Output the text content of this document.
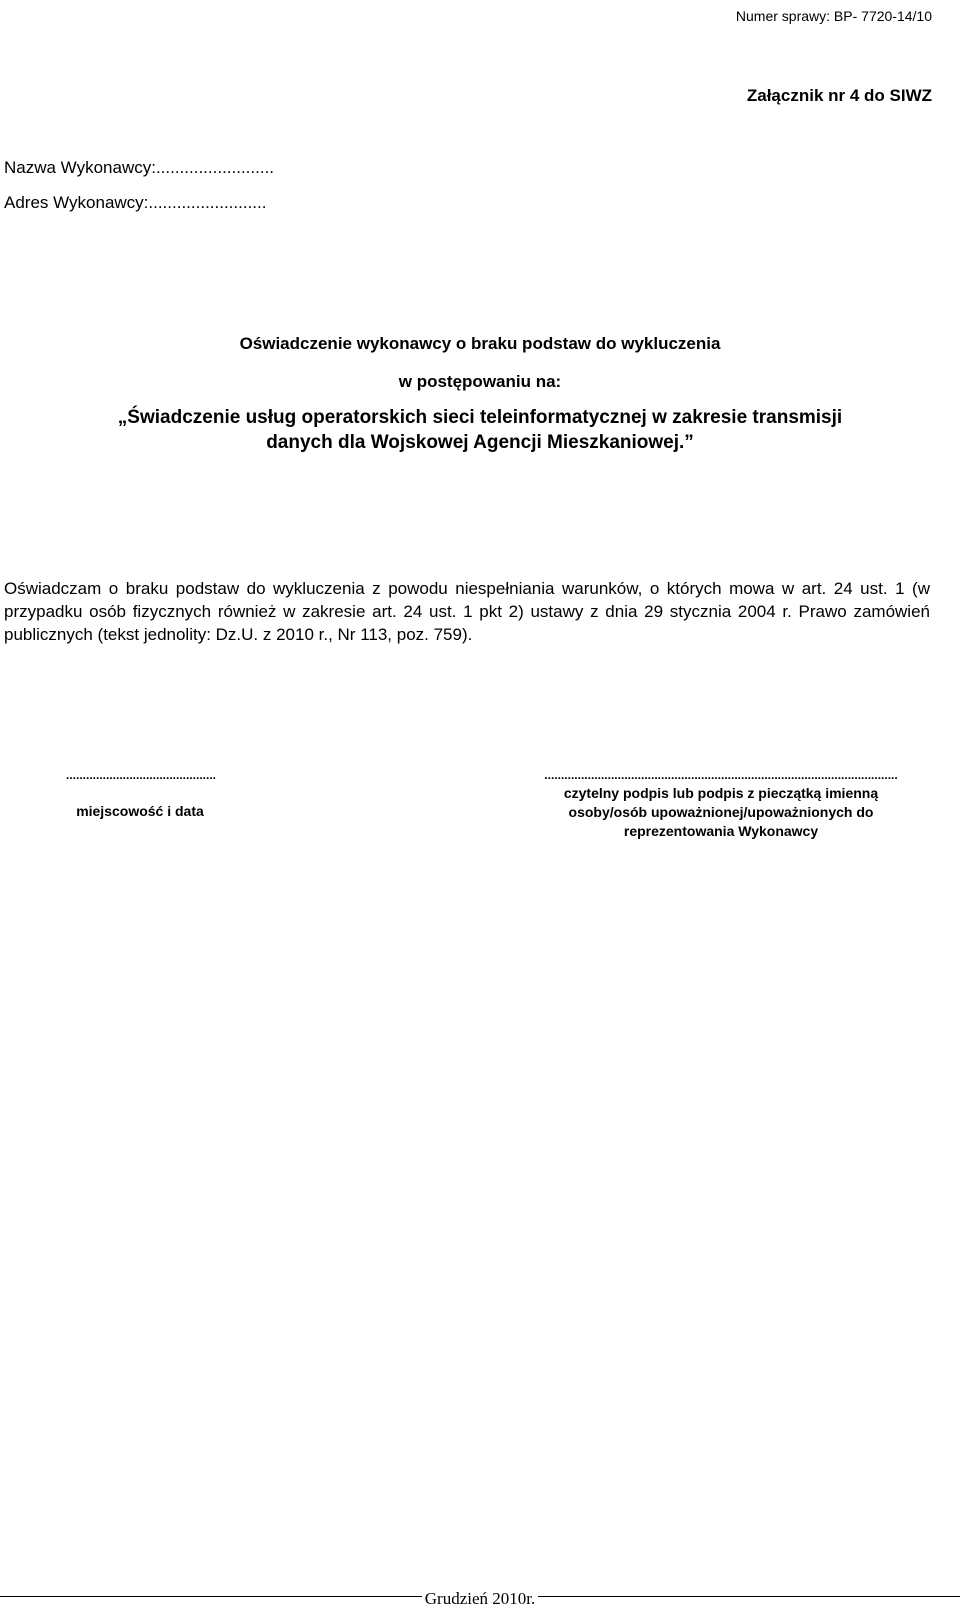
Numer sprawy: BP- 7720-14/10
Załącznik nr 4 do SIWZ
Nazwa Wykonawcy:.........................
Adres Wykonawcy:.........................
Oświadczenie wykonawcy o braku podstaw do wykluczenia
w postępowaniu na:
„Świadczenie usług operatorskich sieci teleinformatycznej w zakresie transmisji
danych dla Wojskowej Agencji Mieszkaniowej.”
Oświadczam o braku podstaw do wykluczenia z powodu niespełniania warunków, o których mowa w art. 24 ust. 1 (w przypadku osób fizycznych również w zakresie art. 24 ust. 1 pkt 2) ustawy z dnia 29 stycznia 2004 r. Prawo zamówień publicznych (tekst jednolity: Dz.U. z 2010 r., Nr 113, poz. 759).
.............................................	..........................................................................................................
miejscowość i data
czytelny podpis lub podpis z pieczątką imienną
osoby/osób upoważnionej/upoważnionych do
reprezentowania Wykonawcy
Grudzień 2010r.
